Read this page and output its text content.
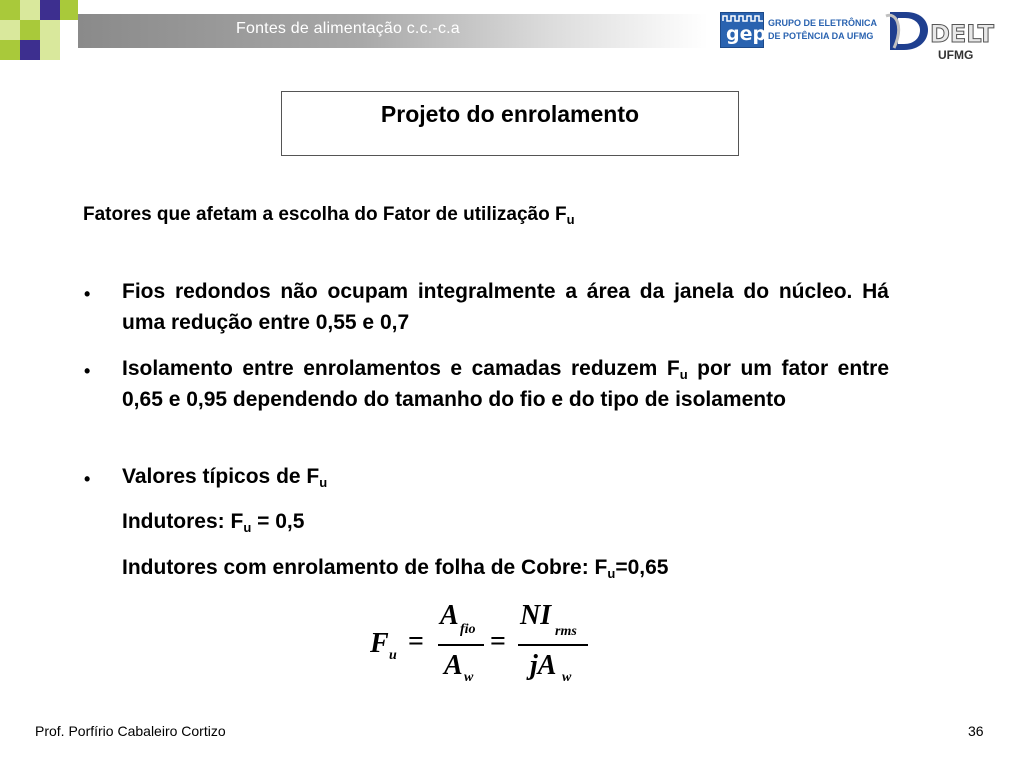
Fontes de alimentação c.c.-c.a	gep GRUPO DE ELETRÔNICA
DE POTÊNCIA DA UFMG DELT
UFMG
Projeto do enrolamento
Fatores que afetam a escolha do Fator de utilização $F_u$
• Fios redondos não ocupam integralmente a área da janela do núcleo. Há uma redução entre 0,55 e 0,7
• Isolamento entre enrolamentos e camadas reduzem $F_u$ por um fator entre 0,65 e 0,95 dependendo do tamanho do fio e do tipo de isolamento
• Valores típicos de $F_u$
Indutores: $F_u = 0,5$
Indutores com enrolamento de folha de Cobre: $F_u=0,65$
F u =
A fio
A w
=
NI
rms
jA w
Prof. Porfírio Cabaleiro Cortizo	36
